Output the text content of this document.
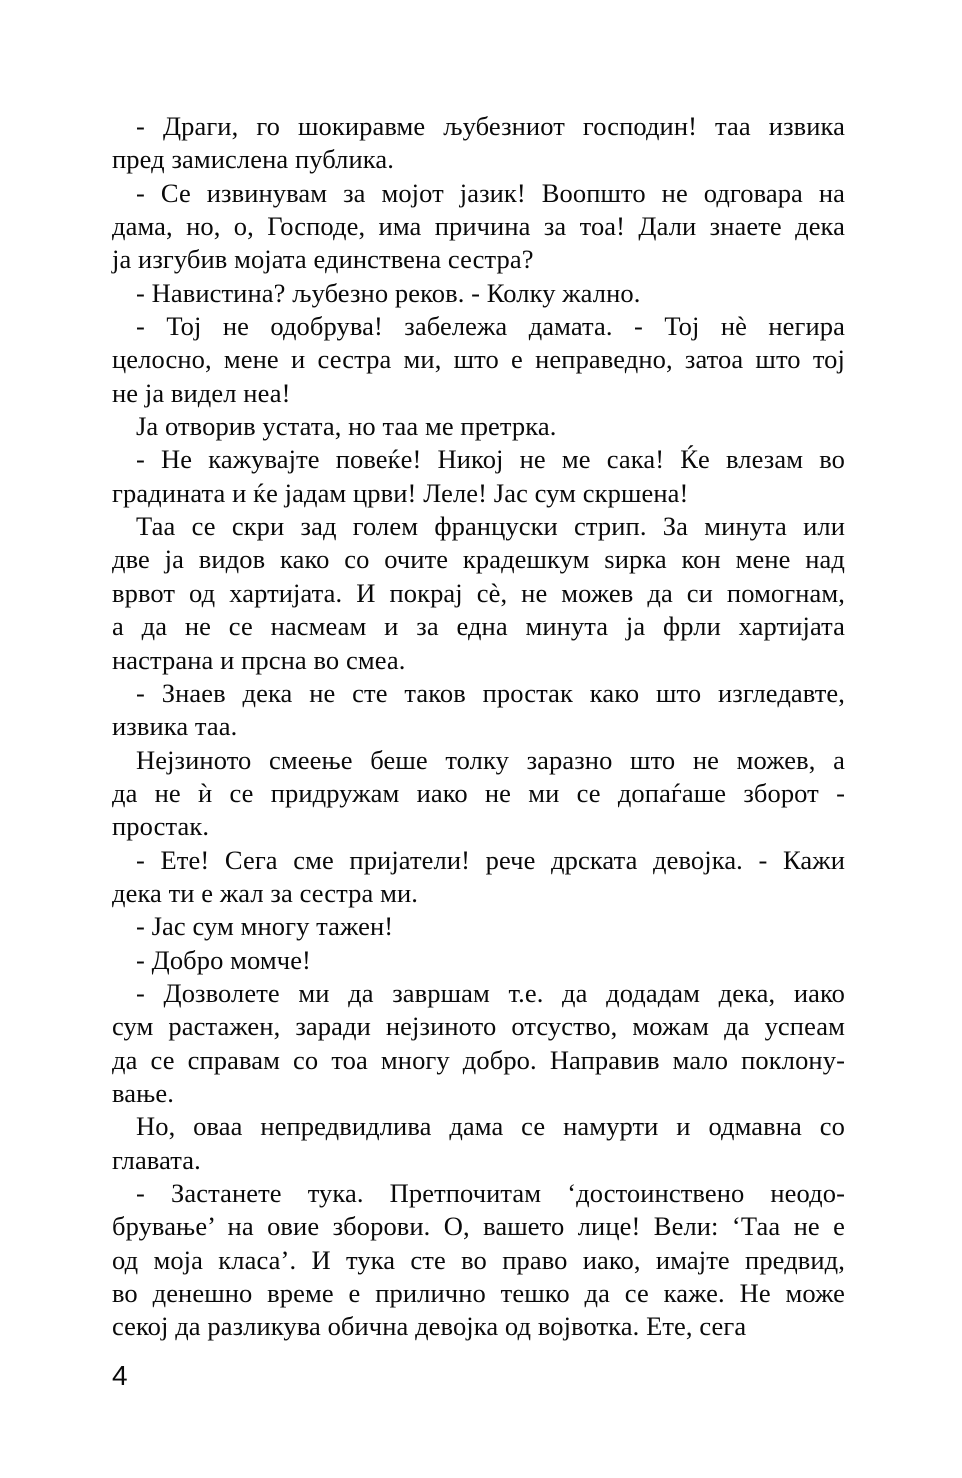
- Драги, го шокиравме љубезниот господин! таа извика
пред замислена публика.

- Се извинувам за мојот јазик! Воопшто не одговара на
дама, но, о, Господе, има причина за тоа! Дали знаете дека
ја изгубив мојата единствена сестра?

- Навистина? љубезно реков. - Колку жално.

- Тој не одобрува! забележа дамата. - Тој нѐ негира
целосно, мене и сестра ми, што е неправедно, затоа што тој
не ја видел неа!

Ја отворив устата, но таа ме претрка.

- Не кажувајте повеќе! Никој не ме сака! Ќе влезам во
градината и ќе јадам црви! Леле! Јас сум скршена!

Таа се скри зад голем француски стрип. За минута или
две ја видов како со очите крадешкум ѕирка кон мене над
врвот од хартијата. И покрај сѐ, не можев да си помогнам,
а да не се насмеам и за една минута ја фрли хартијата
настрана и прсна во смеа.

- Знаев дека не сте таков простак како што изгледавте,
извика таа.

Нејзиното смеење беше толку заразно што не можев, а
да не ѝ се придружам иако не ми се допаѓаше зборот -
простак.

- Ете! Сега сме пријатели! рече дрската девојка. - Кажи
дека ти е жал за сестра ми.

- Јас сум многу тажен!

- Добро момче!

- Дозволете ми да завршам т.е. да додадам дека, иако
сум растажен, заради нејзиното отсуство, можам да успеам
да се справам со тоа многу добро. Направив мало поклону-
вање.

Но, оваа непредвидлива дама се намурти и одмавна со
главата.

- Застанете тука. Претпочитам ‘достоинствено неодо-
брување’ на овие зборови. О, вашето лице! Вели: ‘Таа не е
од моја класа’. И тука сте во право иако, имајте предвид,
во денешно време е прилично тешко да се каже. Не може
секој да разликува обична девојка од војвотка. Ете, сега

4
